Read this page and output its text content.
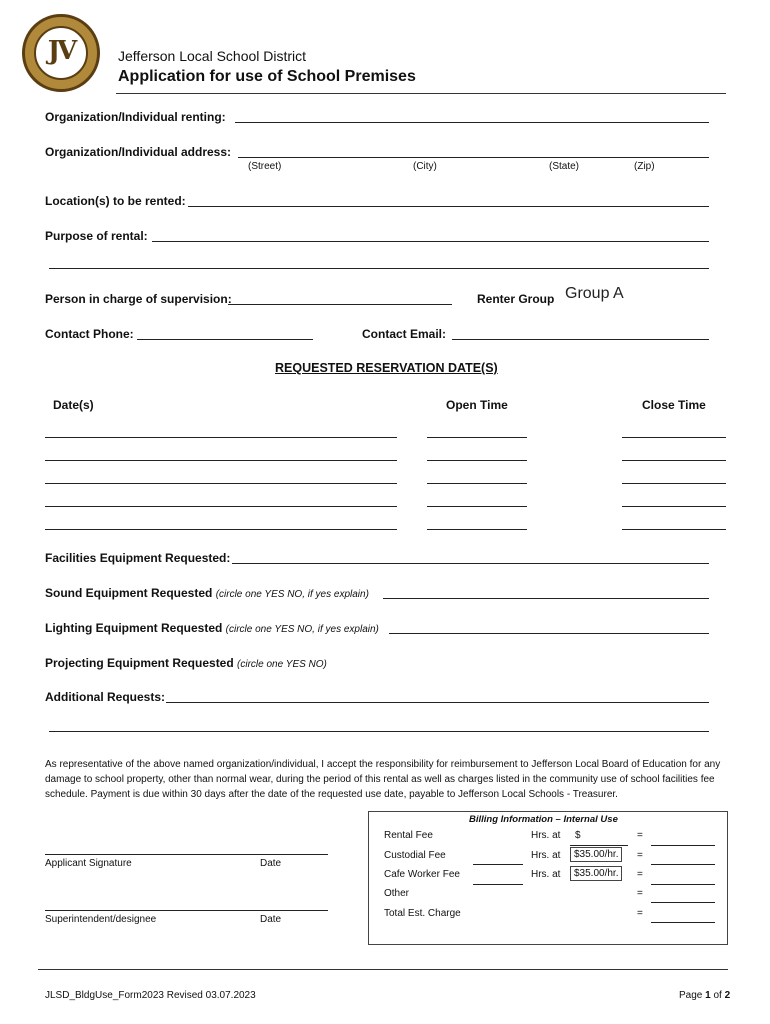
JV	Jefferson Local School District
Application for use of School Premises
Organization/Individual renting:
Organization/Individual address:
(Street)	(City)	(State)	(Zip)
Location(s) to be rented:
Purpose of rental:
Person in charge of supervision:	Renter Group Group A
Contact Phone:	Contact Email:
REQUESTED RESERVATION DATE(S)
Date(s)	Open Time	Close Time
Facilities Equipment Requested:
Sound Equipment Requested (circle one YES NO, if yes explain)
Lighting Equipment Requested (circle one YES NO, if yes explain)
Projecting Equipment Requested (circle one YES NO)
Additional Requests:
As representative of the above named organization/individual, I accept the responsibility for reimbursement to Jefferson Local Board of Education for any damage to school property, other than normal wear, during the period of this rental as well as charges listed in the community use of school facilities fee schedule. Payment is due within 30 days after the date of the requested use date, payable to Jefferson Local Schools - Treasurer.
Applicant Signature	Date
Superintendent/designee	Date
Billing Information – Internal Use
Rental Fee	Hrs. at $	=
Custodial Fee	Hrs. at	$35.00/hr.	=
Cafe Worker Fee	Hrs. at	$35.00/hr.	=
Other	=
Total Est. Charge	=
JLSD_BldgUse_Form2023 Revised 03.07.2023	Page 1 of 2
